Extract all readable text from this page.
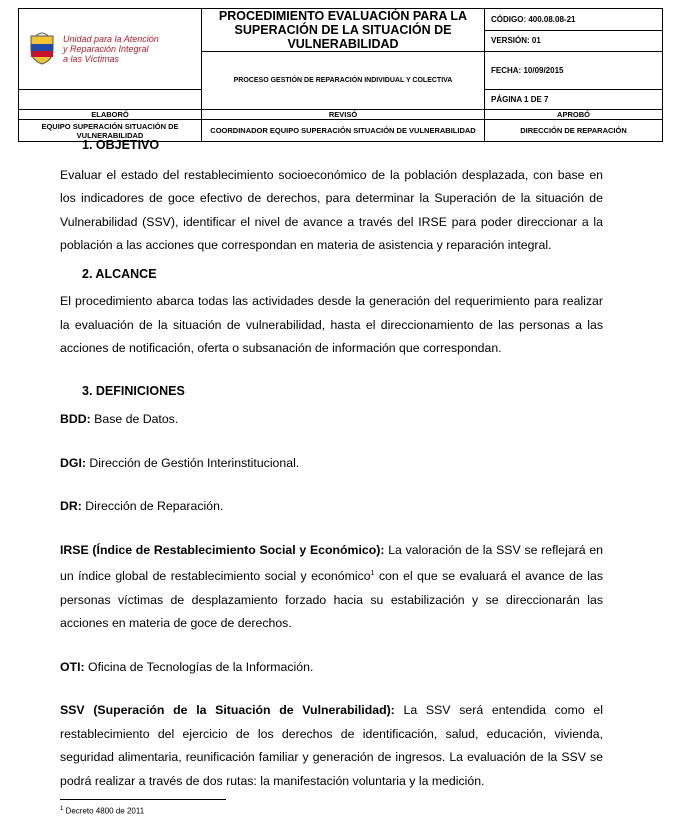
Unidad para la Atención
y Reparación Integral
a las Víctimas	PROCEDIMIENTO EVALUACIÓN PARA LA SUPERACIÓN DE LA SITUACIÓN DE VULNERABILIDAD	CÓDIGO: 400.08.08-21
		VERSIÓN: 01
	PROCESO GESTIÓN DE REPARACIÓN INDIVIDUAL Y COLECTIVA	FECHA: 10/09/2015
		PÁGINA 1 DE 7
ELABORÓ	REVISÓ	APROBÓ
EQUIPO SUPERACIÓN SITUACIÓN DE VULNERABILIDAD	COORDINADOR EQUIPO SUPERACIÓN SITUACIÓN DE VULNERABILIDAD	DIRECCIÓN DE REPARACIÓN
1. OBJETIVO
Evaluar el estado del restablecimiento socioeconómico de la población desplazada, con base en los indicadores de goce efectivo de derechos, para determinar la Superación de la situación de Vulnerabilidad (SSV), identificar el nivel de avance a través del IRSE para poder direccionar a la población a las acciones que correspondan en materia de asistencia y reparación integral.
2. ALCANCE
El procedimiento abarca todas las actividades desde la generación del requerimiento para realizar la evaluación de la situación de vulnerabilidad, hasta el direccionamiento de las personas a las acciones de notificación, oferta o subsanación de información que correspondan.
3. DEFINICIONES
BDD: Base de Datos.
DGI: Dirección de Gestión Interinstitucional.
DR: Dirección de Reparación.
IRSE (Índice de Restablecimiento Social y Económico): La valoración de la SSV se reflejará en un índice global de restablecimiento social y económico$^1$ con el que se evaluará el avance de las personas víctimas de desplazamiento forzado hacia su estabilización y se direccionarán las acciones en materia de goce de derechos.
OTI: Oficina de Tecnologías de la Información.
SSV (Superación de la Situación de Vulnerabilidad): La SSV será entendida como el restablecimiento del ejercicio de los derechos de identificación, salud, educación, vivienda, seguridad alimentaria, reunificación familiar y generación de ingresos. La evaluación de la SSV se podrá realizar a través de dos rutas: la manifestación voluntaria y la medición.
$^1$ Decreto 4800 de 2011
